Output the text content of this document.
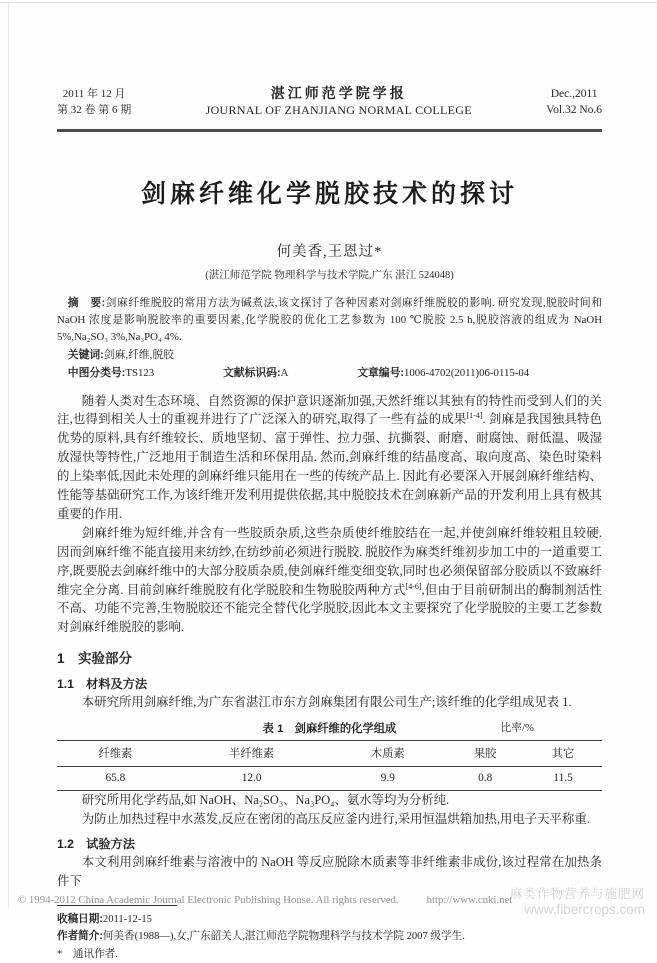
2011 年 12 月
第 32 卷 第 6 期
湛江师范学院学报
JOURNAL OF ZHANJIANG NORMAL COLLEGE
Dec.,2011
Vol.32 No.6
剑麻纤维化学脱胶技术的探讨
何美香,王恩过*
(湛江师范学院 物理科学与技术学院,广东 湛江 524048)
摘　要:剑麻纤维脱胶的常用方法为碱煮法,该文探讨了各种因素对剑麻纤维脱胶的影响. 研究发现,脱胶时间和 NaOH 浓度是影响脱胶率的重要因素,化学脱胶的优化工艺参数为 100 ℃脱胶 2.5 h,脱胶溶液的组成为 NaOH 5%,Na₂SO₃ 3%,Na₃PO₄ 4%.
关键词:剑麻,纤维,脱胶
中图分类号:TS123	文献标识码:A	文章编号:1006-4702(2011)06-0115-04

随着人类对生态环境、自然资源的保护意识逐渐加强,天然纤维以其独有的特性而受到人们的关注,也得到相关人士的重视并进行了广泛深入的研究,取得了一些有益的成果[1-4]. 剑麻是我国独具特色优势的原料,具有纤维较长、质地坚韧、富于弹性、拉力强、抗撕裂、耐磨、耐腐蚀、耐低温、吸湿放湿快等特性,广泛地用于制造生活和环保用品. 然而,剑麻纤维的结晶度高、取向度高、染色时染料的上染率低,因此未处理的剑麻纤维只能用在一些的传统产品上. 因此有必要深入开展剑麻纤维结构、性能等基础研究工作,为该纤维开发利用提供依据,其中脱胶技术在剑麻新产品的开发利用上具有极其重要的作用.

剑麻纤维为短纤维,并含有一些胶质杂质,这些杂质使纤维胶结在一起,并使剑麻纤维较粗且较硬. 因而剑麻纤维不能直接用来纺纱,在纺纱前必须进行脱胶. 脱胶作为麻类纤维初步加工中的一道重要工序,既要脱去剑麻纤维中的大部分胶质杂质,使剑麻纤维变细变软,同时也必须保留部分胶质以不致麻纤维完全分离. 目前剑麻纤维脱胶有化学脱胶和生物脱胶两种方式[4-6],但由于目前研制出的酶制剂活性不高、功能不完善,生物脱胶还不能完全替代化学脱胶,因此本文主要探究了化学脱胶的主要工艺参数对剑麻纤维脱胶的影响.

1　实验部分
1.1　材料及方法

本研究所用剑麻纤维,为广东省湛江市东方剑麻集团有限公司生产;该纤维的化学组成见表 1.

表 1　剑麻纤维的化学组成	比率/%
纤维素	半纤维素	木质素	果胶	其它
65.8	12.0	9.9	0.8	11.5

研究所用化学药品,如 NaOH、Na₂SO₃、Na₃PO₄、氨水等均为分析纯.

为防止加热过程中水蒸发,反应在密闭的高压反应釜内进行,采用恒温烘箱加热,用电子天平称重.

1.2　试验方法

本文利用剑麻纤维素与溶液中的 NaOH 等反应脱除木质素等非纤维素非成份,该过程常在加热条件下

收稿日期:2011-12-15
作者简介:何美香(1988—),女,广东韶关人,湛江师范学院物理科学与技术学院 2007 级学生.
*　通讯作者.
© 1994-2012 China Academic Journal Electronic Publishing House. All rights reserved.	http://www.cnki.net
麻类作物营养与施肥网
www.fibercrops.com
